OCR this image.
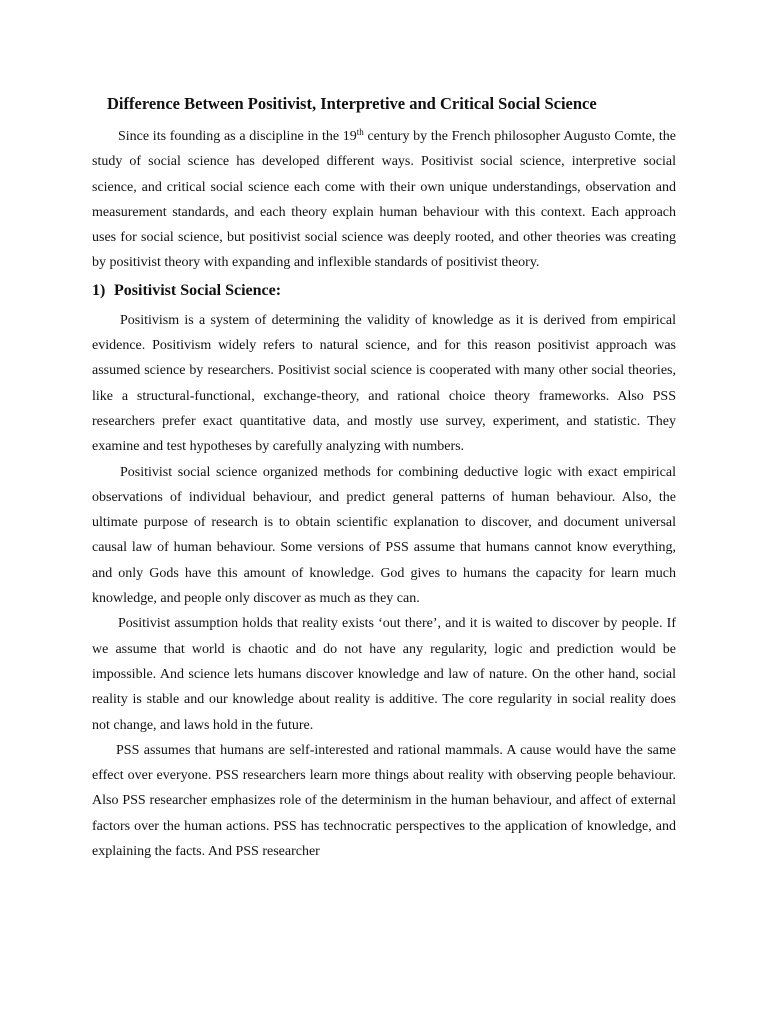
Difference Between Positivist, Interpretive and Critical Social Science

Since its founding as a discipline in the 19th century by the French philosopher Augusto Comte, the study of social science has developed different ways. Positivist social science, interpretive social science, and critical social science each come with their own unique understandings, observation and measurement standards, and each theory explain human behaviour with this context. Each approach uses for social science, but positivist social science was deeply rooted, and other theories was creating by positivist theory with expanding and inflexible standards of positivist theory.

1) Positivist Social Science:

Positivism is a system of determining the validity of knowledge as it is derived from empirical evidence. Positivism widely refers to natural science, and for this reason positivist approach was assumed science by researchers. Positivist social science is cooperated with many other social theories, like a structural-functional, exchange-theory, and rational choice theory frameworks. Also PSS researchers prefer exact quantitative data, and mostly use survey, experiment, and statistic. They examine and test hypotheses by carefully analyzing with numbers.

Positivist social science organized methods for combining deductive logic with exact empirical observations of individual behaviour, and predict general patterns of human behaviour. Also, the ultimate purpose of research is to obtain scientific explanation to discover, and document universal causal law of human behaviour. Some versions of PSS assume that humans cannot know everything, and only Gods have this amount of knowledge. God gives to humans the capacity for learn much knowledge, and people only discover as much as they can.

Positivist assumption holds that reality exists ‘out there’, and it is waited to discover by people. If we assume that world is chaotic and do not have any regularity, logic and prediction would be impossible. And science lets humans discover knowledge and law of nature. On the other hand, social reality is stable and our knowledge about reality is additive. The core regularity in social reality does not change, and laws hold in the future.

PSS assumes that humans are self-interested and rational mammals. A cause would have the same effect over everyone. PSS researchers learn more things about reality with observing people behaviour. Also PSS researcher emphasizes role of the determinism in the human behaviour, and affect of external factors over the human actions. PSS has technocratic perspectives to the application of knowledge, and explaining the facts. And PSS researcher
